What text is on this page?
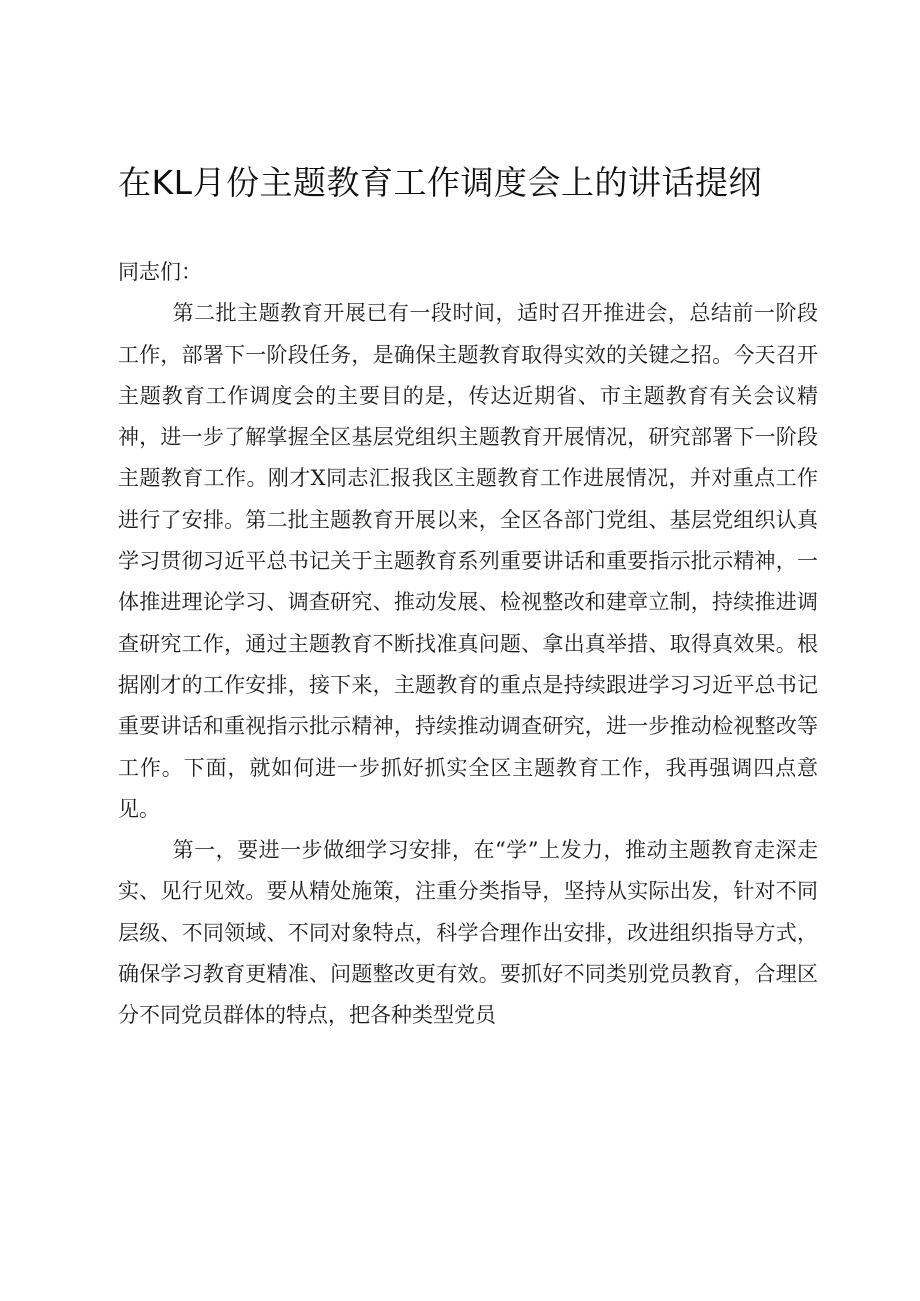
在KL月份主题教育工作调度会上的讲话提纲

同志们：

第二批主题教育开展已有一段时间，适时召开推进会，总结前一阶段工作，部署下一阶段任务，是确保主题教育取得实效的关键之招。今天召开主题教育工作调度会的主要目的是，传达近期省、市主题教育有关会议精神，进一步了解掌握全区基层党组织主题教育开展情况，研究部署下一阶段主题教育工作。刚才X同志汇报我区主题教育工作进展情况，并对重点工作进行了安排。第二批主题教育开展以来，全区各部门党组、基层党组织认真学习贯彻习近平总书记关于主题教育系列重要讲话和重要指示批示精神，一体推进理论学习、调查研究、推动发展、检视整改和建章立制，持续推进调查研究工作，通过主题教育不断找准真问题、拿出真举措、取得真效果。根据刚才的工作安排，接下来，主题教育的重点是持续跟进学习习近平总书记重要讲话和重视指示批示精神，持续推动调查研究，进一步推动检视整改等工作。下面，就如何进一步抓好抓实全区主题教育工作，我再强调四点意见。

第一，要进一步做细学习安排，在“学”上发力，推动主题教育走深走实、见行见效。要从精处施策，注重分类指导，坚持从实际出发，针对不同层级、不同领域、不同对象特点，科学合理作出安排，改进组织指导方式，确保学习教育更精准、问题整改更有效。要抓好不同类别党员教育，合理区分不同党员群体的特点，把各种类型党员
